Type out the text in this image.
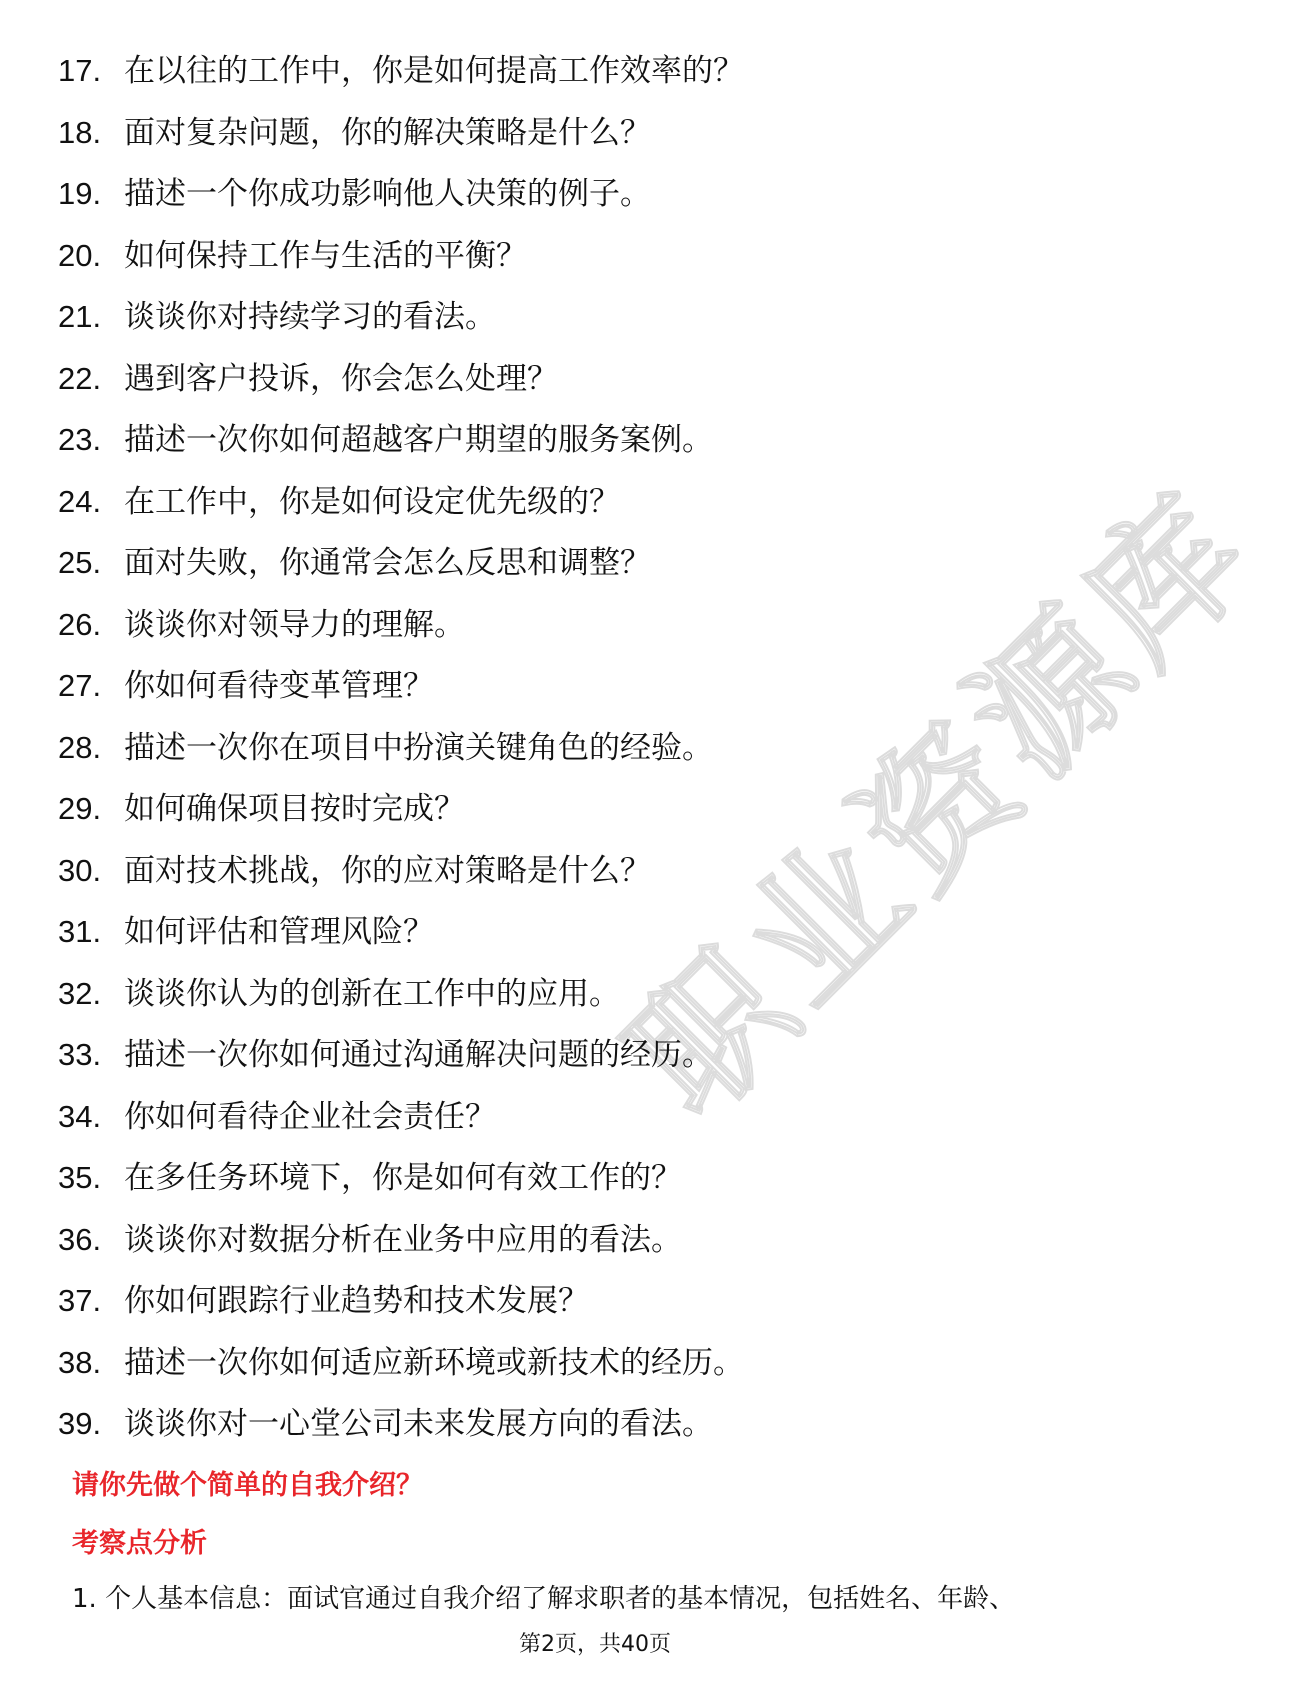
职业资源库
17. 在以往的工作中，你是如何提高工作效率的？
18. 面对复杂问题，你的解决策略是什么？
19. 描述一个你成功影响他人决策的例子。
20. 如何保持工作与生活的平衡？
21. 谈谈你对持续学习的看法。
22. 遇到客户投诉，你会怎么处理？
23. 描述一次你如何超越客户期望的服务案例。
24. 在工作中，你是如何设定优先级的？
25. 面对失败，你通常会怎么反思和调整？
26. 谈谈你对领导力的理解。
27. 你如何看待变革管理？
28. 描述一次你在项目中扮演关键角色的经验。
29. 如何确保项目按时完成？
30. 面对技术挑战，你的应对策略是什么？
31. 如何评估和管理风险？
32. 谈谈你认为的创新在工作中的应用。
33. 描述一次你如何通过沟通解决问题的经历。
34. 你如何看待企业社会责任？
35. 在多任务环境下，你是如何有效工作的？
36. 谈谈你对数据分析在业务中应用的看法。
37. 你如何跟踪行业趋势和技术发展？
38. 描述一次你如何适应新环境或新技术的经历。
39. 谈谈你对一心堂公司未来发展方向的看法。
请你先做个简单的自我介绍？
考察点分析
1. 个人基本信息：面试官通过自我介绍了解求职者的基本情况，包括姓名、年龄、
第2页，共40页
